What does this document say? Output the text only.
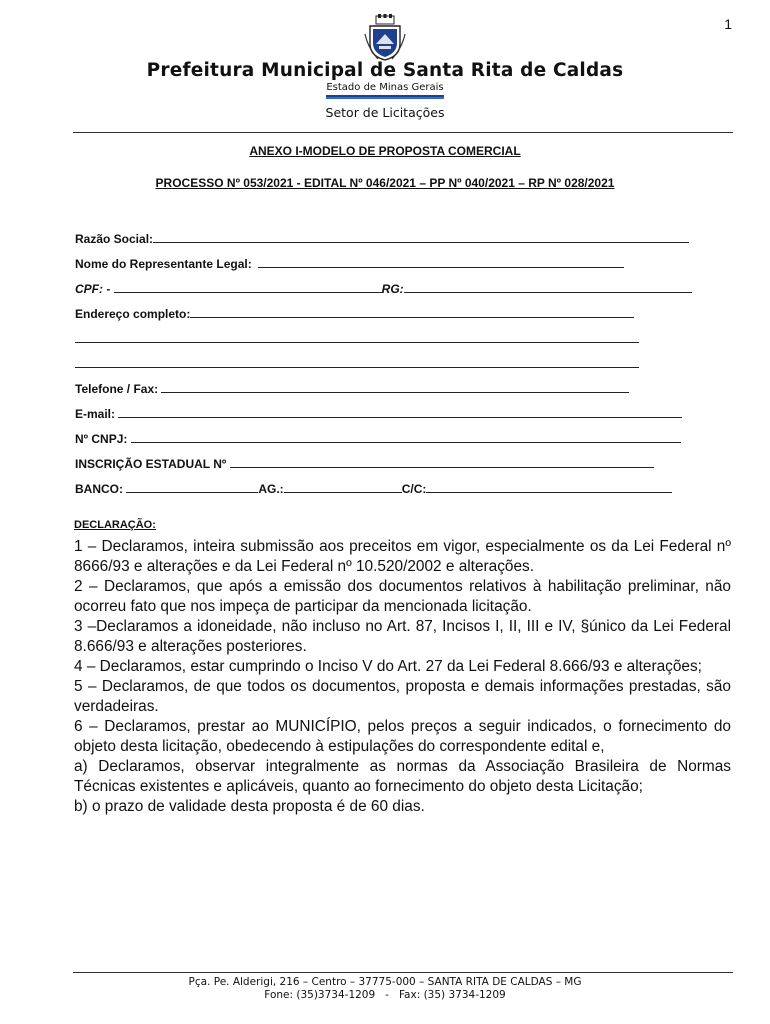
1
Prefeitura Municipal de Santa Rita de Caldas
Estado de Minas Gerais
Setor de Licitações
ANEXO I-MODELO DE PROPOSTA COMERCIAL
PROCESSO Nº 053/2021 - EDITAL Nº 046/2021 – PP Nº 040/2021 – RP Nº 028/2021
Razão Social:
Nome do Representante Legal:
CPF: -	RG:
Endereço completo:
Telefone / Fax:
E-mail:
Nº CNPJ:
INSCRIÇÃO ESTADUAL Nº
BANCO:	AG.:	C/C:
DECLARAÇÃO:

1 – Declaramos, inteira submissão aos preceitos em vigor, especialmente os da Lei Federal nº 8666/93 e alterações e da Lei Federal nº 10.520/2002 e alterações.

2 – Declaramos, que após a emissão dos documentos relativos à habilitação preliminar, não ocorreu fato que nos impeça de participar da mencionada licitação.

3 –Declaramos a idoneidade, não incluso no Art. 87, Incisos I, II, III e IV, §único da Lei Federal 8.666/93 e alterações posteriores.

4 – Declaramos, estar cumprindo o Inciso V do Art. 27 da Lei Federal 8.666/93 e alterações;

5 – Declaramos, de que todos os documentos, proposta e demais informações prestadas, são verdadeiras.

6 – Declaramos, prestar ao MUNICÍPIO, pelos preços a seguir indicados, o fornecimento do objeto desta licitação, obedecendo à estipulações do correspondente edital e,

a) Declaramos, observar integralmente as normas da Associação Brasileira de Normas Técnicas existentes e aplicáveis, quanto ao fornecimento do objeto desta Licitação;

b) o prazo de validade desta proposta é de 60 dias.

Pça. Pe. Alderigi, 216 – Centro – 37775-000 – SANTA RITA DE CALDAS – MG
Fone: (35)3734-1209   -   Fax: (35) 3734-1209
